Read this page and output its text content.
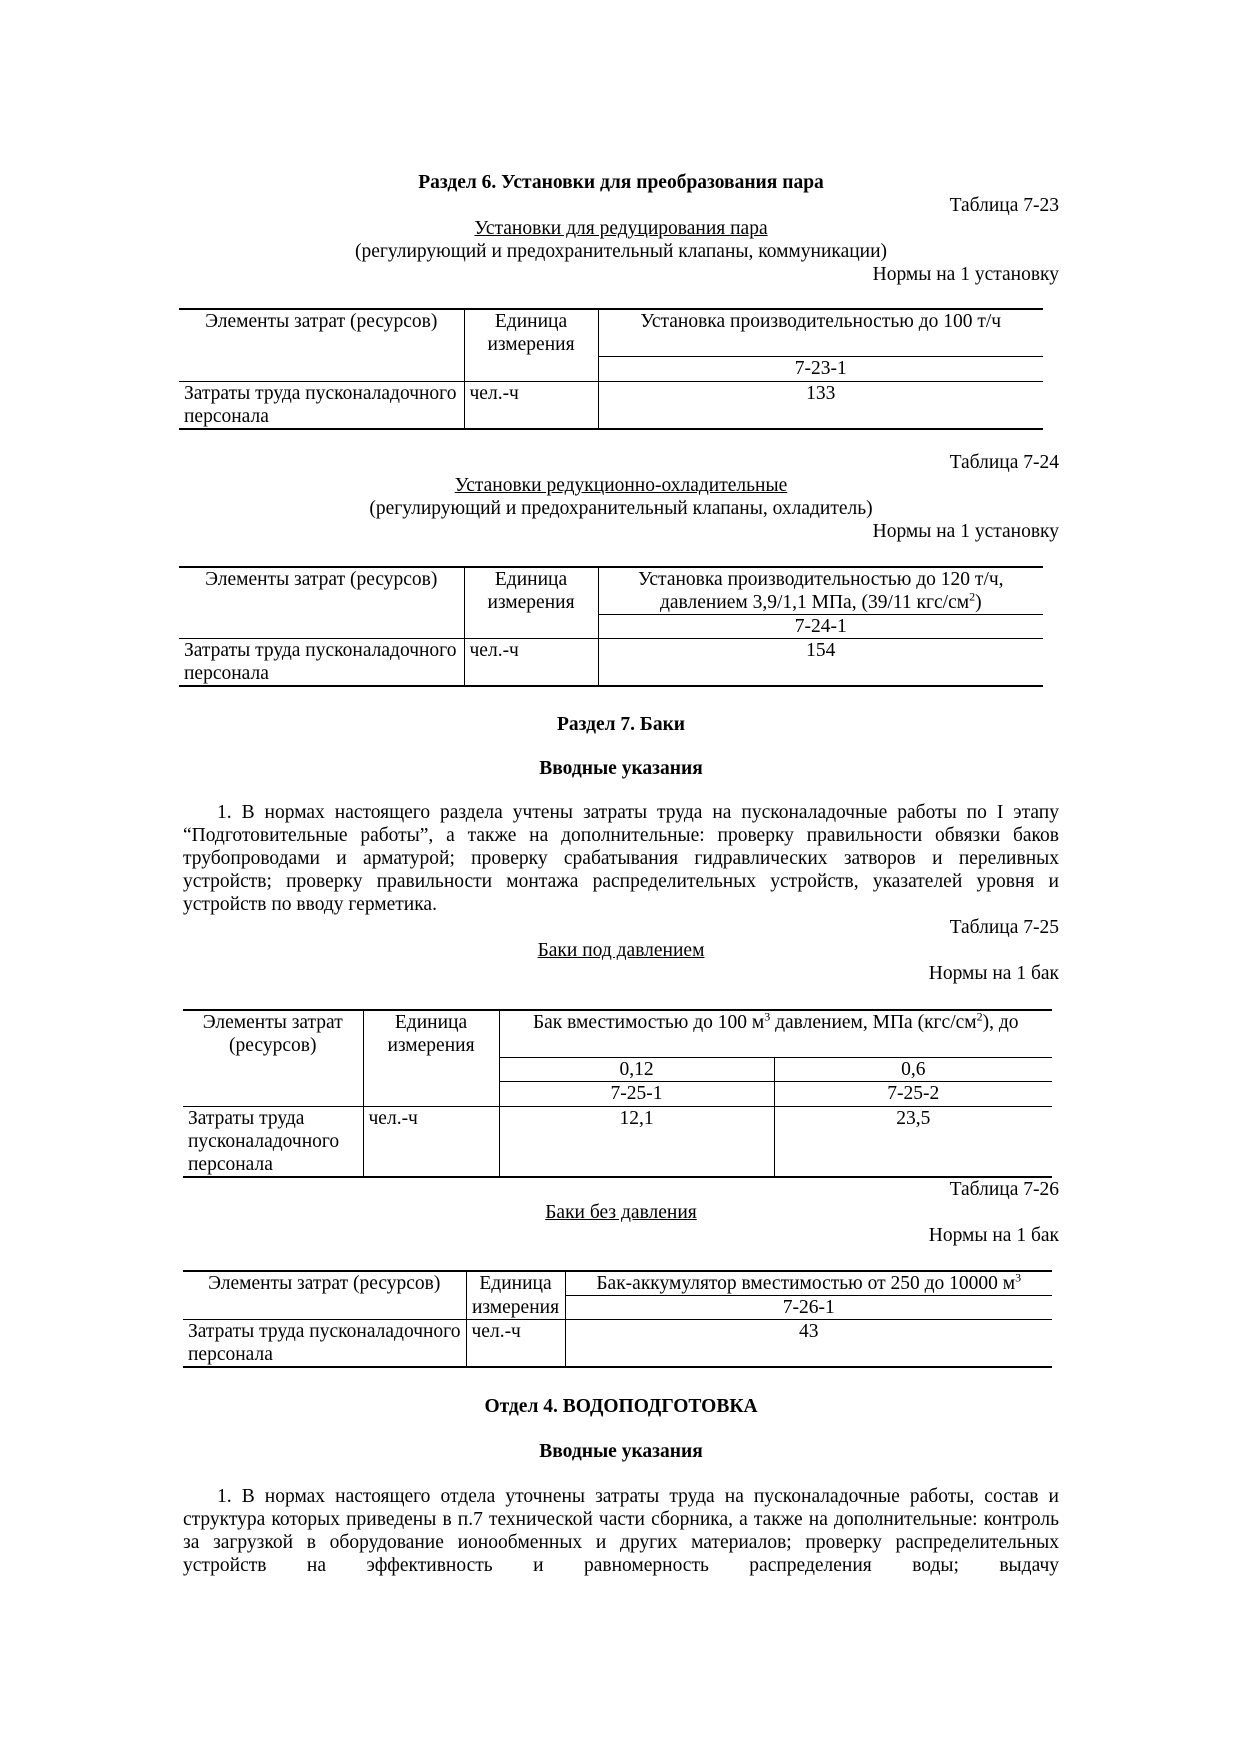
Раздел 6. Установки для преобразования пара
Таблица 7-23
Установки для редуцирования пара
(регулирующий и предохранительный клапаны, коммуникации)
Нормы на 1 установку
Элементы затрат (ресурсов)	Единица измерения	Установка производительностью до 100 т/ч
		7-23-1
Затраты труда пусконаладочного персонала	чел.-ч	133
Таблица 7-24
Установки редукционно-охладительные
(регулирующий и предохранительный клапаны, охладитель)
Нормы на 1 установку
Элементы затрат (ресурсов)	Единица измерения	Установка производительностью до 120 т/ч,
давлением 3,9/1,1 МПа, (39/11 кгс/$см^2$)
		7-24-1
Затраты труда пусконаладочного персонала	чел.-ч	154
Раздел 7. Баки
Вводные указания
1. В нормах настоящего раздела учтены затраты труда на пусконаладочные работы по I этапу “Подготовительные работы”, а также на дополнительные: проверку правильности обвязки баков трубопроводами и арматурой; проверку срабатывания гидравлических затворов и переливных устройств; проверку правильности монтажа распределительных устройств, указателей уровня и устройств по вводу герметика.
Таблица 7-25
Баки под давлением
Нормы на 1 бак
Элементы затрат (ресурсов)	Единица измерения	Бак вместимостью до 100 $м^3$ давлением, МПа $(кгс/см^2)$, до	
		0,12	0,6
		7-25-1	7-25-2
Затраты труда пусконаладочного персонала	чел.-ч	12,1	23,5
Таблица 7-26
Баки без давления
Нормы на 1 бак
Элементы затрат (ресурсов)	Единица	Бак-аккумулятор вместимостью от 250 до 10000 $м^3$
	измерения	7-26-1
Затраты труда пусконаладочного персонала	чел.-ч	43
Отдел 4. ВОДОПОДГОТОВКА
Вводные указания
1. В нормах настоящего отдела уточнены затраты труда на пусконаладочные работы, состав и структура которых приведены в п.7 технической части сборника, а также на дополнительные: контроль за загрузкой в оборудование ионообменных и других материалов; проверку распределительных устройств на эффективность и равномерность распределения воды; выдачу
